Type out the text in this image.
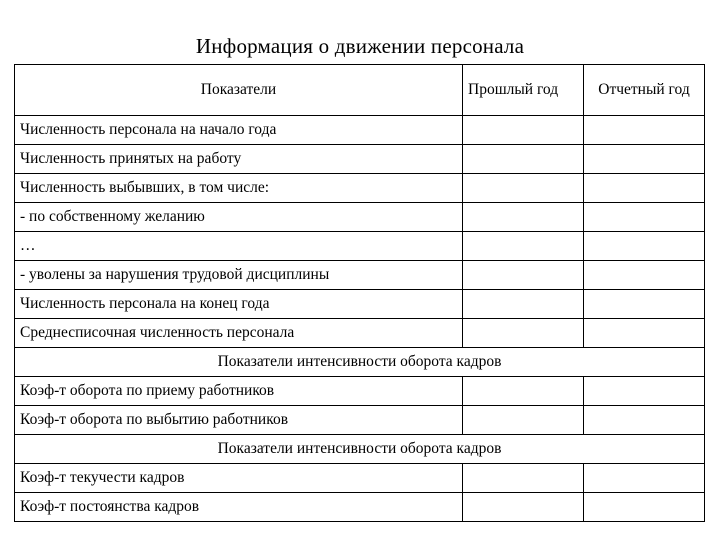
Информация о движении персонала
Показатели	Прошлый год	Отчетный год
Численность персонала на начало года		
Численность принятых на работу		
Численность выбывших, в том числе:		
- по собственному желанию		
…		
- уволены за нарушения трудовой дисциплины		
Численность персонала на конец года		
Среднесписочная численность персонала		
Показатели интенсивности оборота кадров		
Коэф-т оборота по приему работников		
Коэф-т оборота по выбытию работников		
Показатели интенсивности оборота кадров		
Коэф-т текучести кадров		
Коэф-т постоянства кадров		
